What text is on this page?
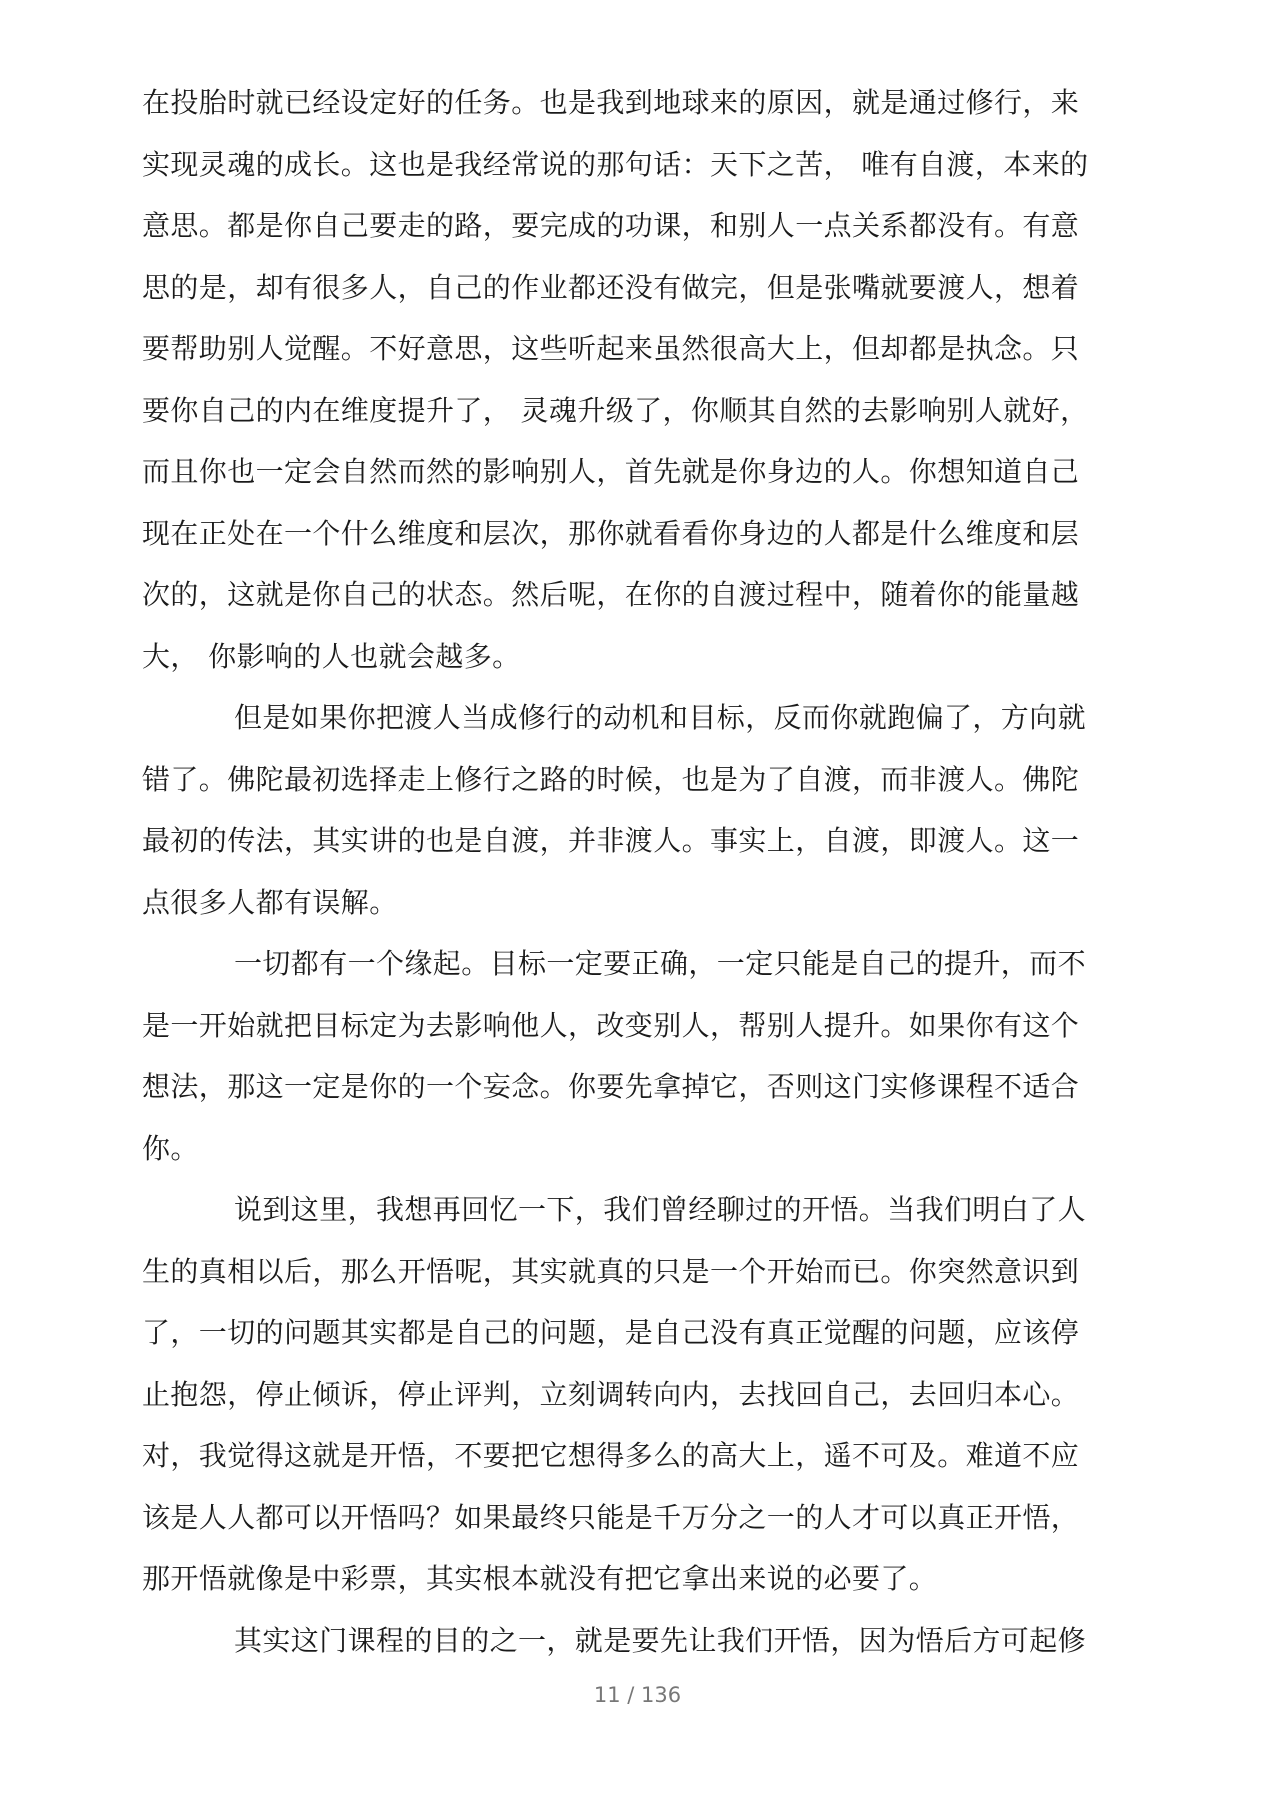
在投胎时就已经设定好的任务。也是我到地球来的原因，就是通过修行，来
实现灵魂的成长。这也是我经常说的那句话：天下之苦， 唯有自渡，本来的
意思。都是你自己要走的路，要完成的功课，和别人一点关系都没有。有意
思的是，却有很多人，自己的作业都还没有做完，但是张嘴就要渡人，想着
要帮助别人觉醒。不好意思，这些听起来虽然很高大上，但却都是执念。只
要你自己的内在维度提升了， 灵魂升级了，你顺其自然的去影响别人就好，
而且你也一定会自然而然的影响别人，首先就是你身边的人。你想知道自己
现在正处在一个什么维度和层次，那你就看看你身边的人都是什么维度和层
次的，这就是你自己的状态。然后呢，在你的自渡过程中，随着你的能量越
大， 你影响的人也就会越多。
但是如果你把渡人当成修行的动机和目标，反而你就跑偏了，方向就
错了。佛陀最初选择走上修行之路的时候，也是为了自渡，而非渡人。佛陀
最初的传法，其实讲的也是自渡，并非渡人。事实上，自渡，即渡人。这一
点很多人都有误解。
一切都有一个缘起。目标一定要正确，一定只能是自己的提升，而不
是一开始就把目标定为去影响他人，改变别人，帮别人提升。如果你有这个
想法，那这一定是你的一个妄念。你要先拿掉它，否则这门实修课程不适合
你。
说到这里，我想再回忆一下，我们曾经聊过的开悟。当我们明白了人
生的真相以后，那么开悟呢，其实就真的只是一个开始而已。你突然意识到
了，一切的问题其实都是自己的问题，是自己没有真正觉醒的问题，应该停
止抱怨，停止倾诉，停止评判，立刻调转向内，去找回自己，去回归本心。
对，我觉得这就是开悟，不要把它想得多么的高大上，遥不可及。难道不应
该是人人都可以开悟吗？如果最终只能是千万分之一的人才可以真正开悟，
那开悟就像是中彩票，其实根本就没有把它拿出来说的必要了。
其实这门课程的目的之一，就是要先让我们开悟，因为悟后方可起修
11 / 136
